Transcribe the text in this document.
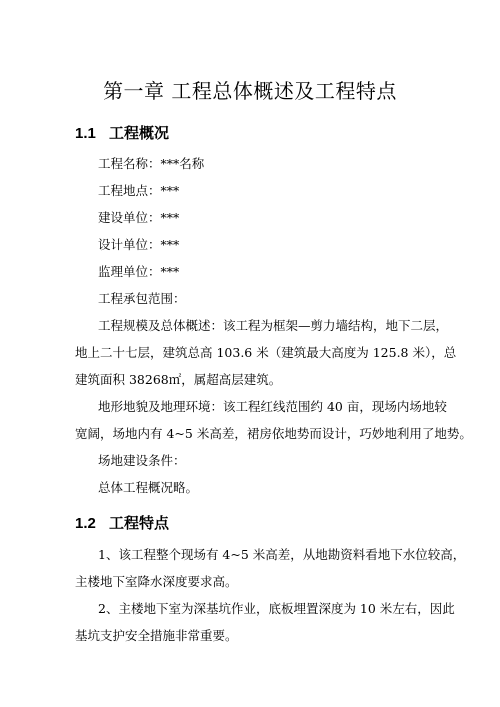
第一章 工程总体概述及工程特点
1.1 工程概况
工程名称：***名称
工程地点：***
建设单位：***
设计单位：***
监理单位：***
工程承包范围：
工程规模及总体概述：该工程为框架—剪力墙结构，地下二层，
地上二十七层，建筑总高 103.6 米（建筑最大高度为 125.8 米），总
建筑面积 38268㎡，属超高层建筑。
地形地貌及地理环境：该工程红线范围约 40 亩，现场内场地较
宽阔，场地内有 4~5 米高差，裙房依地势而设计，巧妙地利用了地势。
场地建设条件：
总体工程概况略。
1.2 工程特点
1、该工程整个现场有 4~5 米高差，从地勘资料看地下水位较高，
主楼地下室降水深度要求高。
2、主楼地下室为深基坑作业，底板埋置深度为 10 米左右，因此
基坑支护安全措施非常重要。
